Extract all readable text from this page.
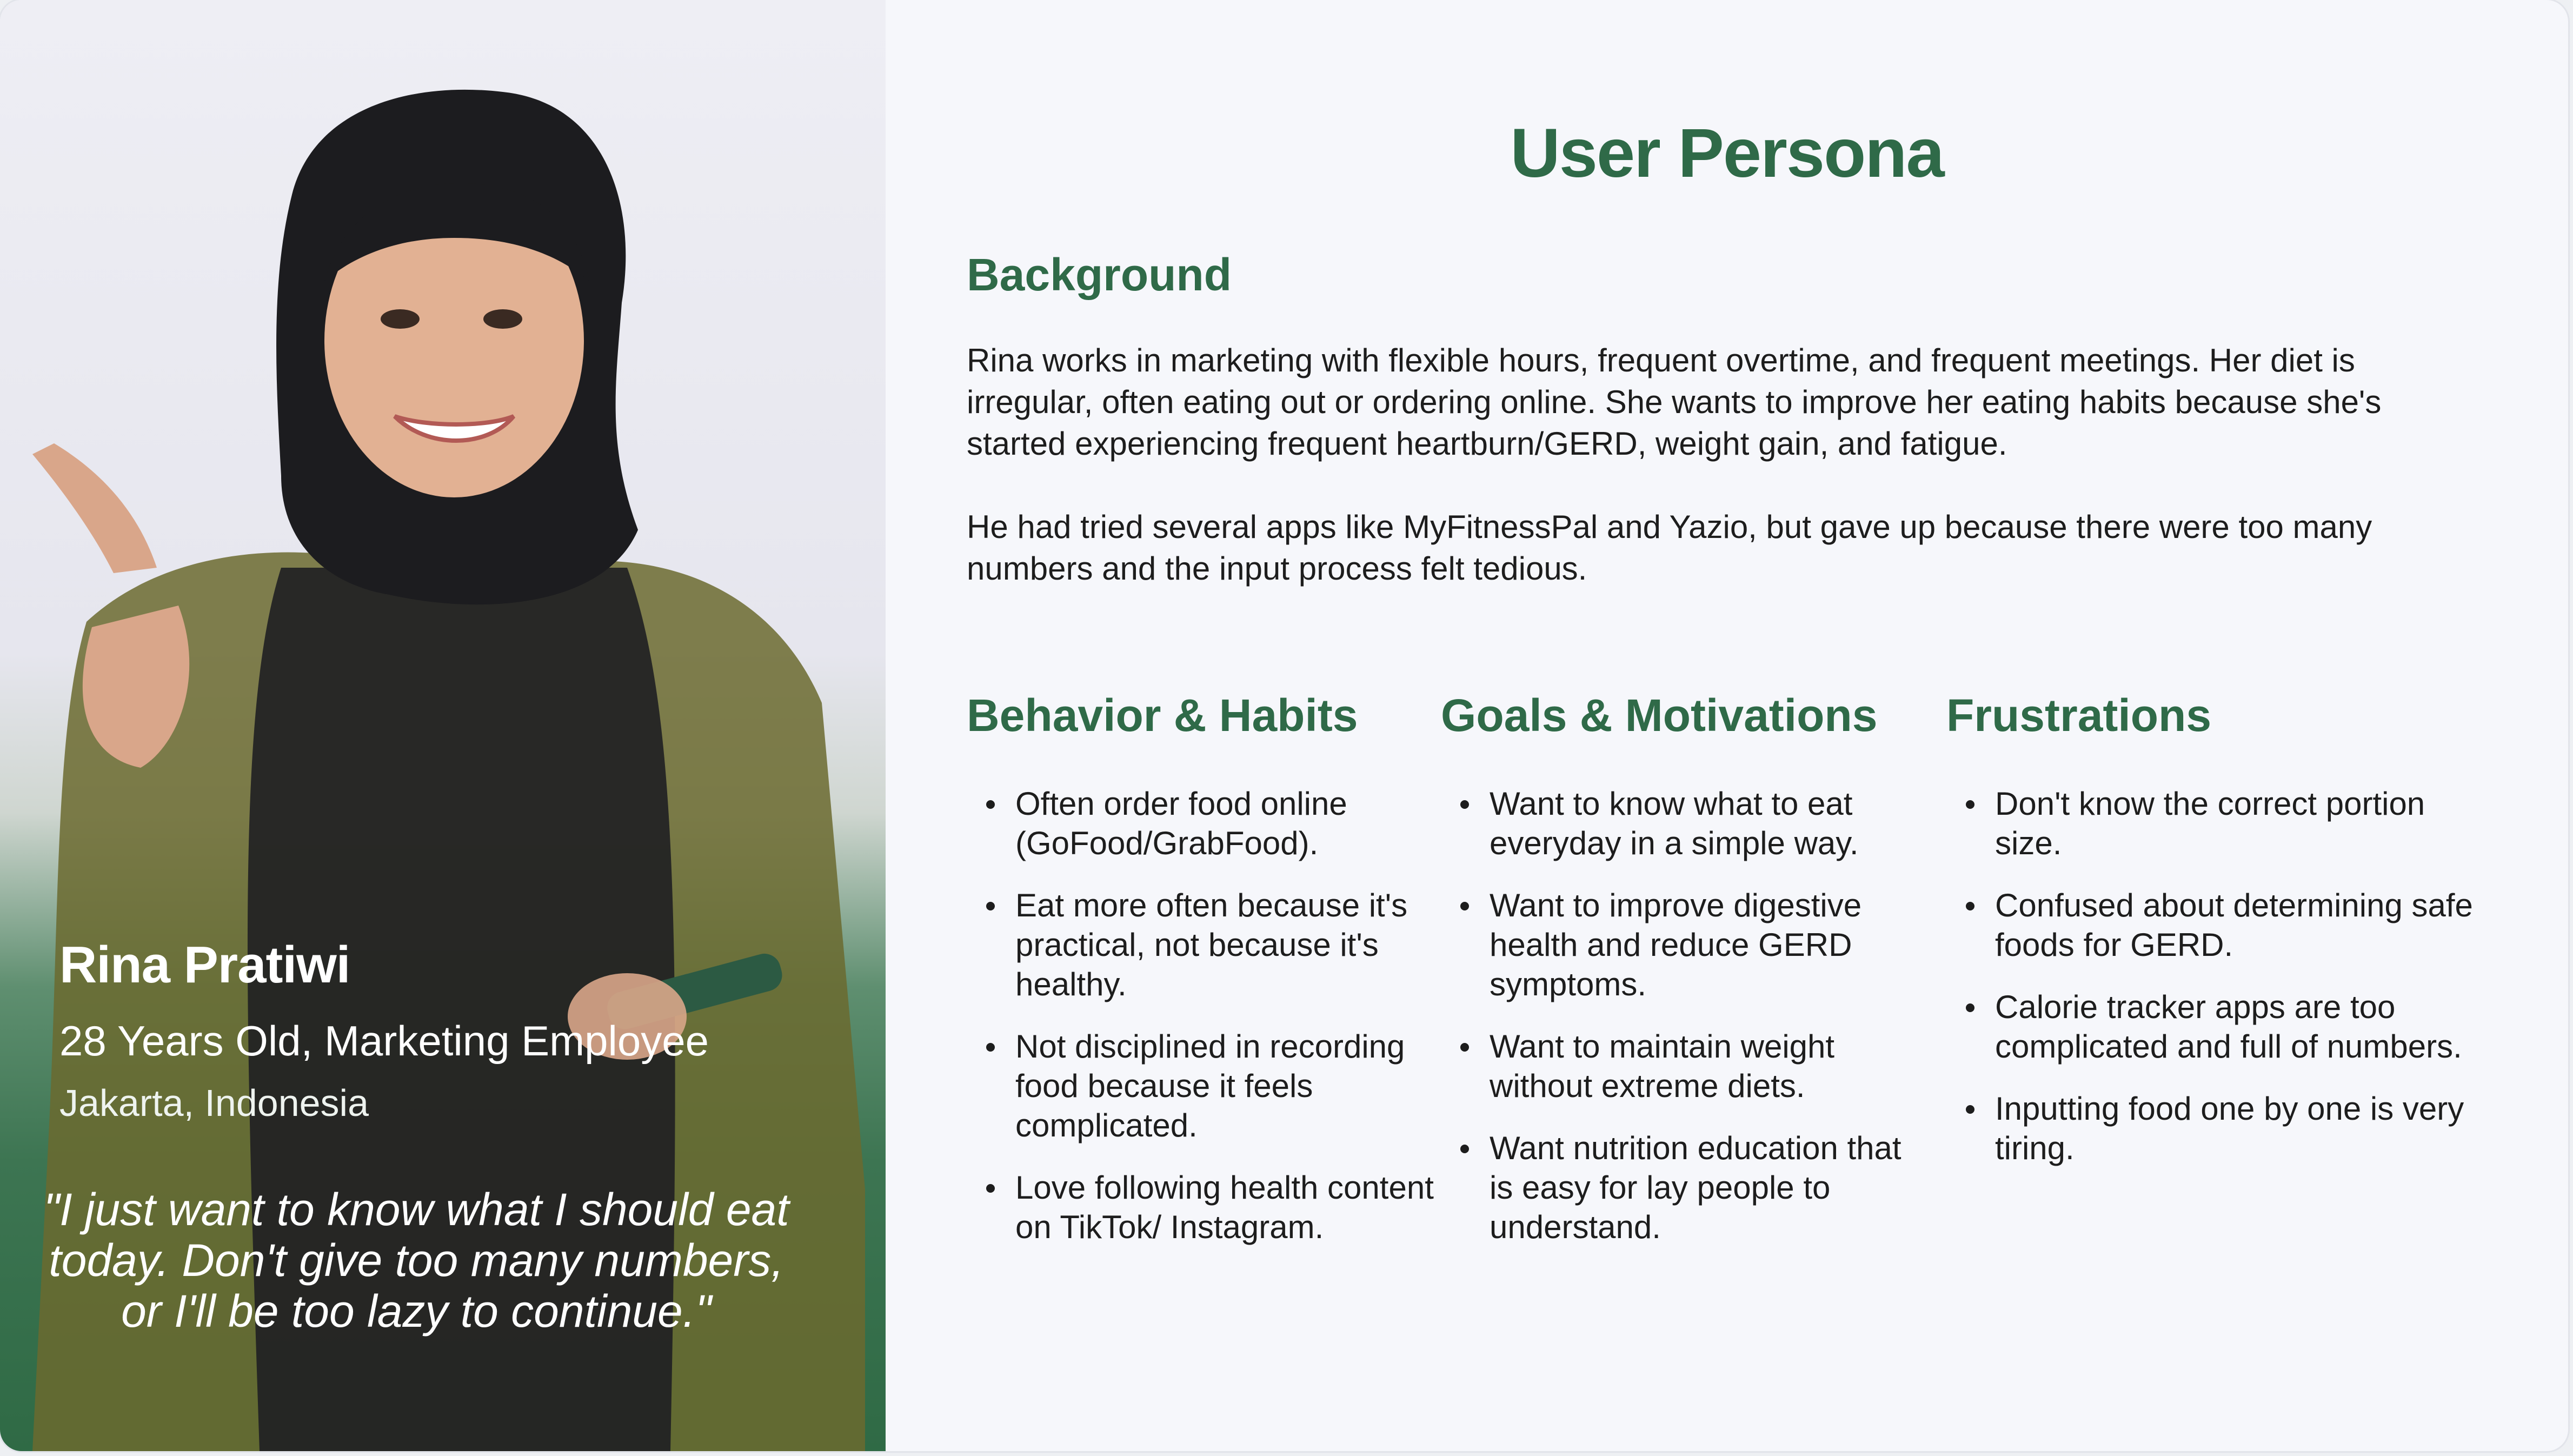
Rina Pratiwi
28 Years Old, Marketing Employee
Jakarta, Indonesia
"I just want to know what I should eat today. Don't give too many numbers, or I'll be too lazy to continue."
User Persona
Background
Rina works in marketing with flexible hours, frequent overtime, and frequent meetings. Her diet is irregular, often eating out or ordering online. She wants to improve her eating habits because she's started experiencing frequent heartburn/GERD, weight gain, and fatigue.
He had tried several apps like MyFitnessPal and Yazio, but gave up because there were too many numbers and the input process felt tedious.
Behavior & Habits
Often order food online (GoFood/GrabFood).
Eat more often because it's practical, not because it's healthy.
Not disciplined in recording food because it feels complicated.
Love following health content on TikTok/ Instagram.
Goals & Motivations
Want to know what to eat everyday in a simple way.
Want to improve digestive health and reduce GERD symptoms.
Want to maintain weight without extreme diets.
Want nutrition education that is easy for lay people to understand.
Frustrations
Don't know the correct portion size.
Confused about determining safe foods for GERD.
Calorie tracker apps are too complicated and full of numbers.
Inputting food one by one is very tiring.
